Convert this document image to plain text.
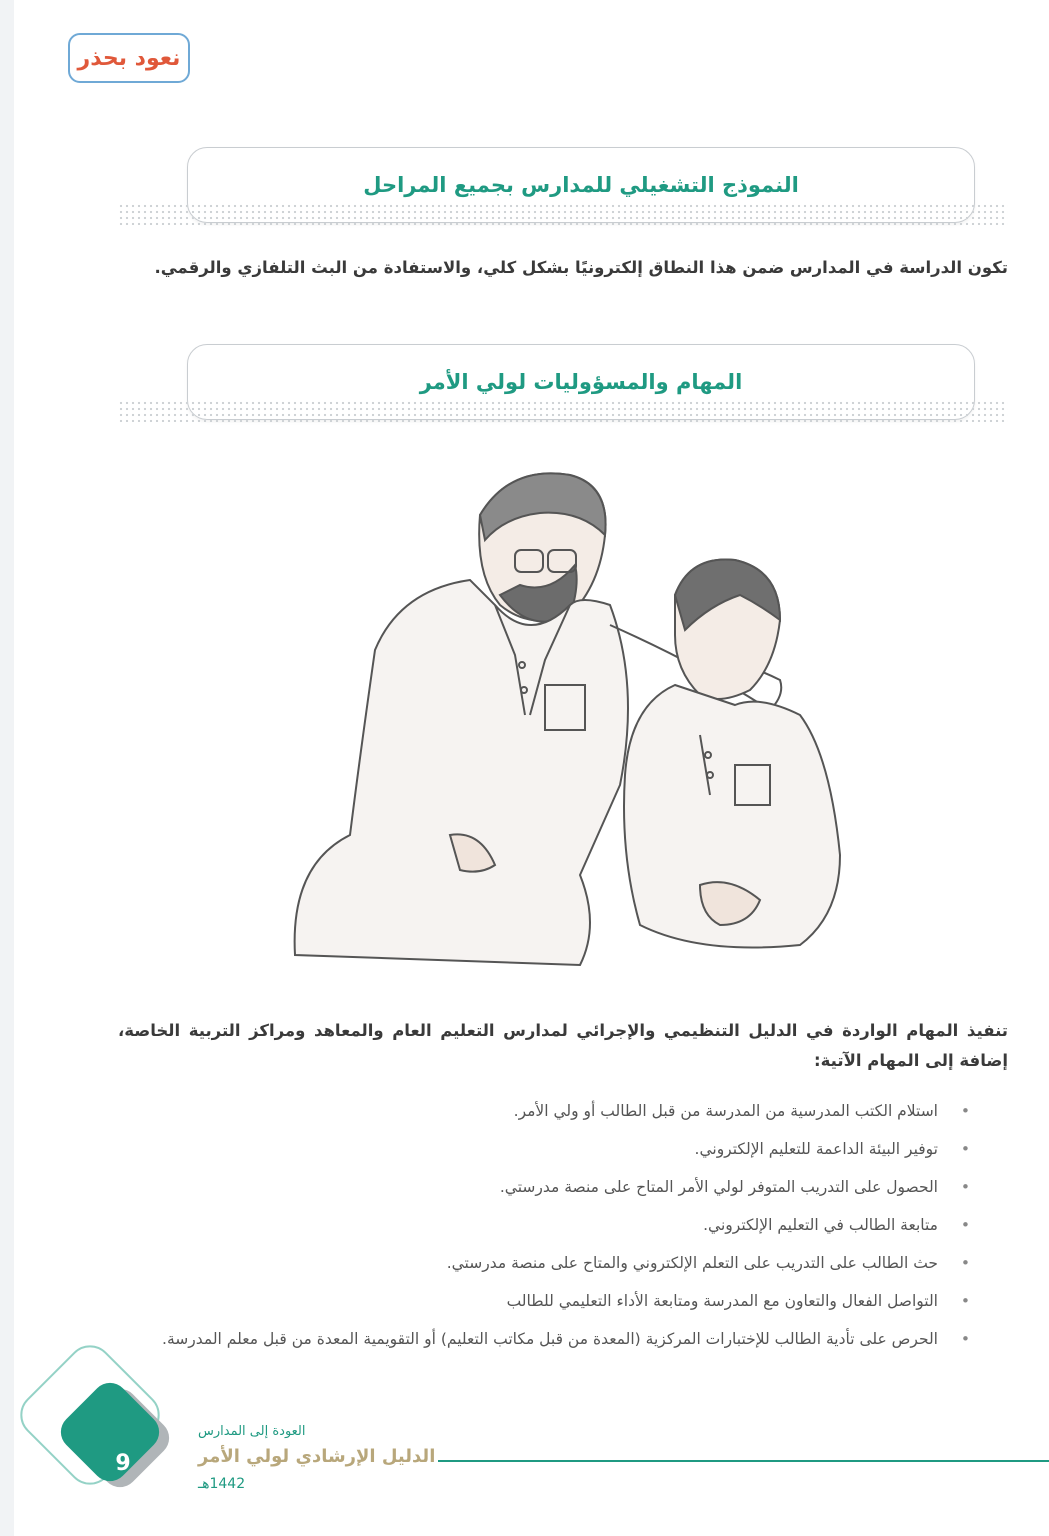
نعود بحذر
النموذج التشغيلي للمدارس بجميع المراحل
تكون الدراسة في المدارس ضمن هذا النطاق إلكترونيًا بشكل كلي، والاستفادة من البث التلفازي والرقمي.
المهام والمسؤوليات لولي الأمر
تنفيذ المهام الواردة في الدليل التنظيمي والإجرائي لمدارس التعليم العام والمعاهد ومراكز التربية الخاصة، إضافة إلى المهام الآتية:
•
استلام الكتب المدرسية من المدرسة من قبل الطالب أو ولي الأمر.
•
توفير البيئة الداعمة للتعليم الإلكتروني.
•
الحصول على التدريب المتوفر لولي الأمر المتاح على منصة مدرستي.
•
متابعة الطالب في التعليم الإلكتروني.
•
حث الطالب على التدريب على التعلم الإلكتروني والمتاح على منصة مدرستي.
•
التواصل الفعال والتعاون مع المدرسة ومتابعة الأداء التعليمي للطالب
•
الحرص على تأدية الطالب للإختبارات المركزية (المعدة من قبل مكاتب التعليم) أو التقويمية المعدة من قبل معلم المدرسة.
9
العودة إلى المدارس
الدليل الإرشادي لولي الأمر
1442هـ
